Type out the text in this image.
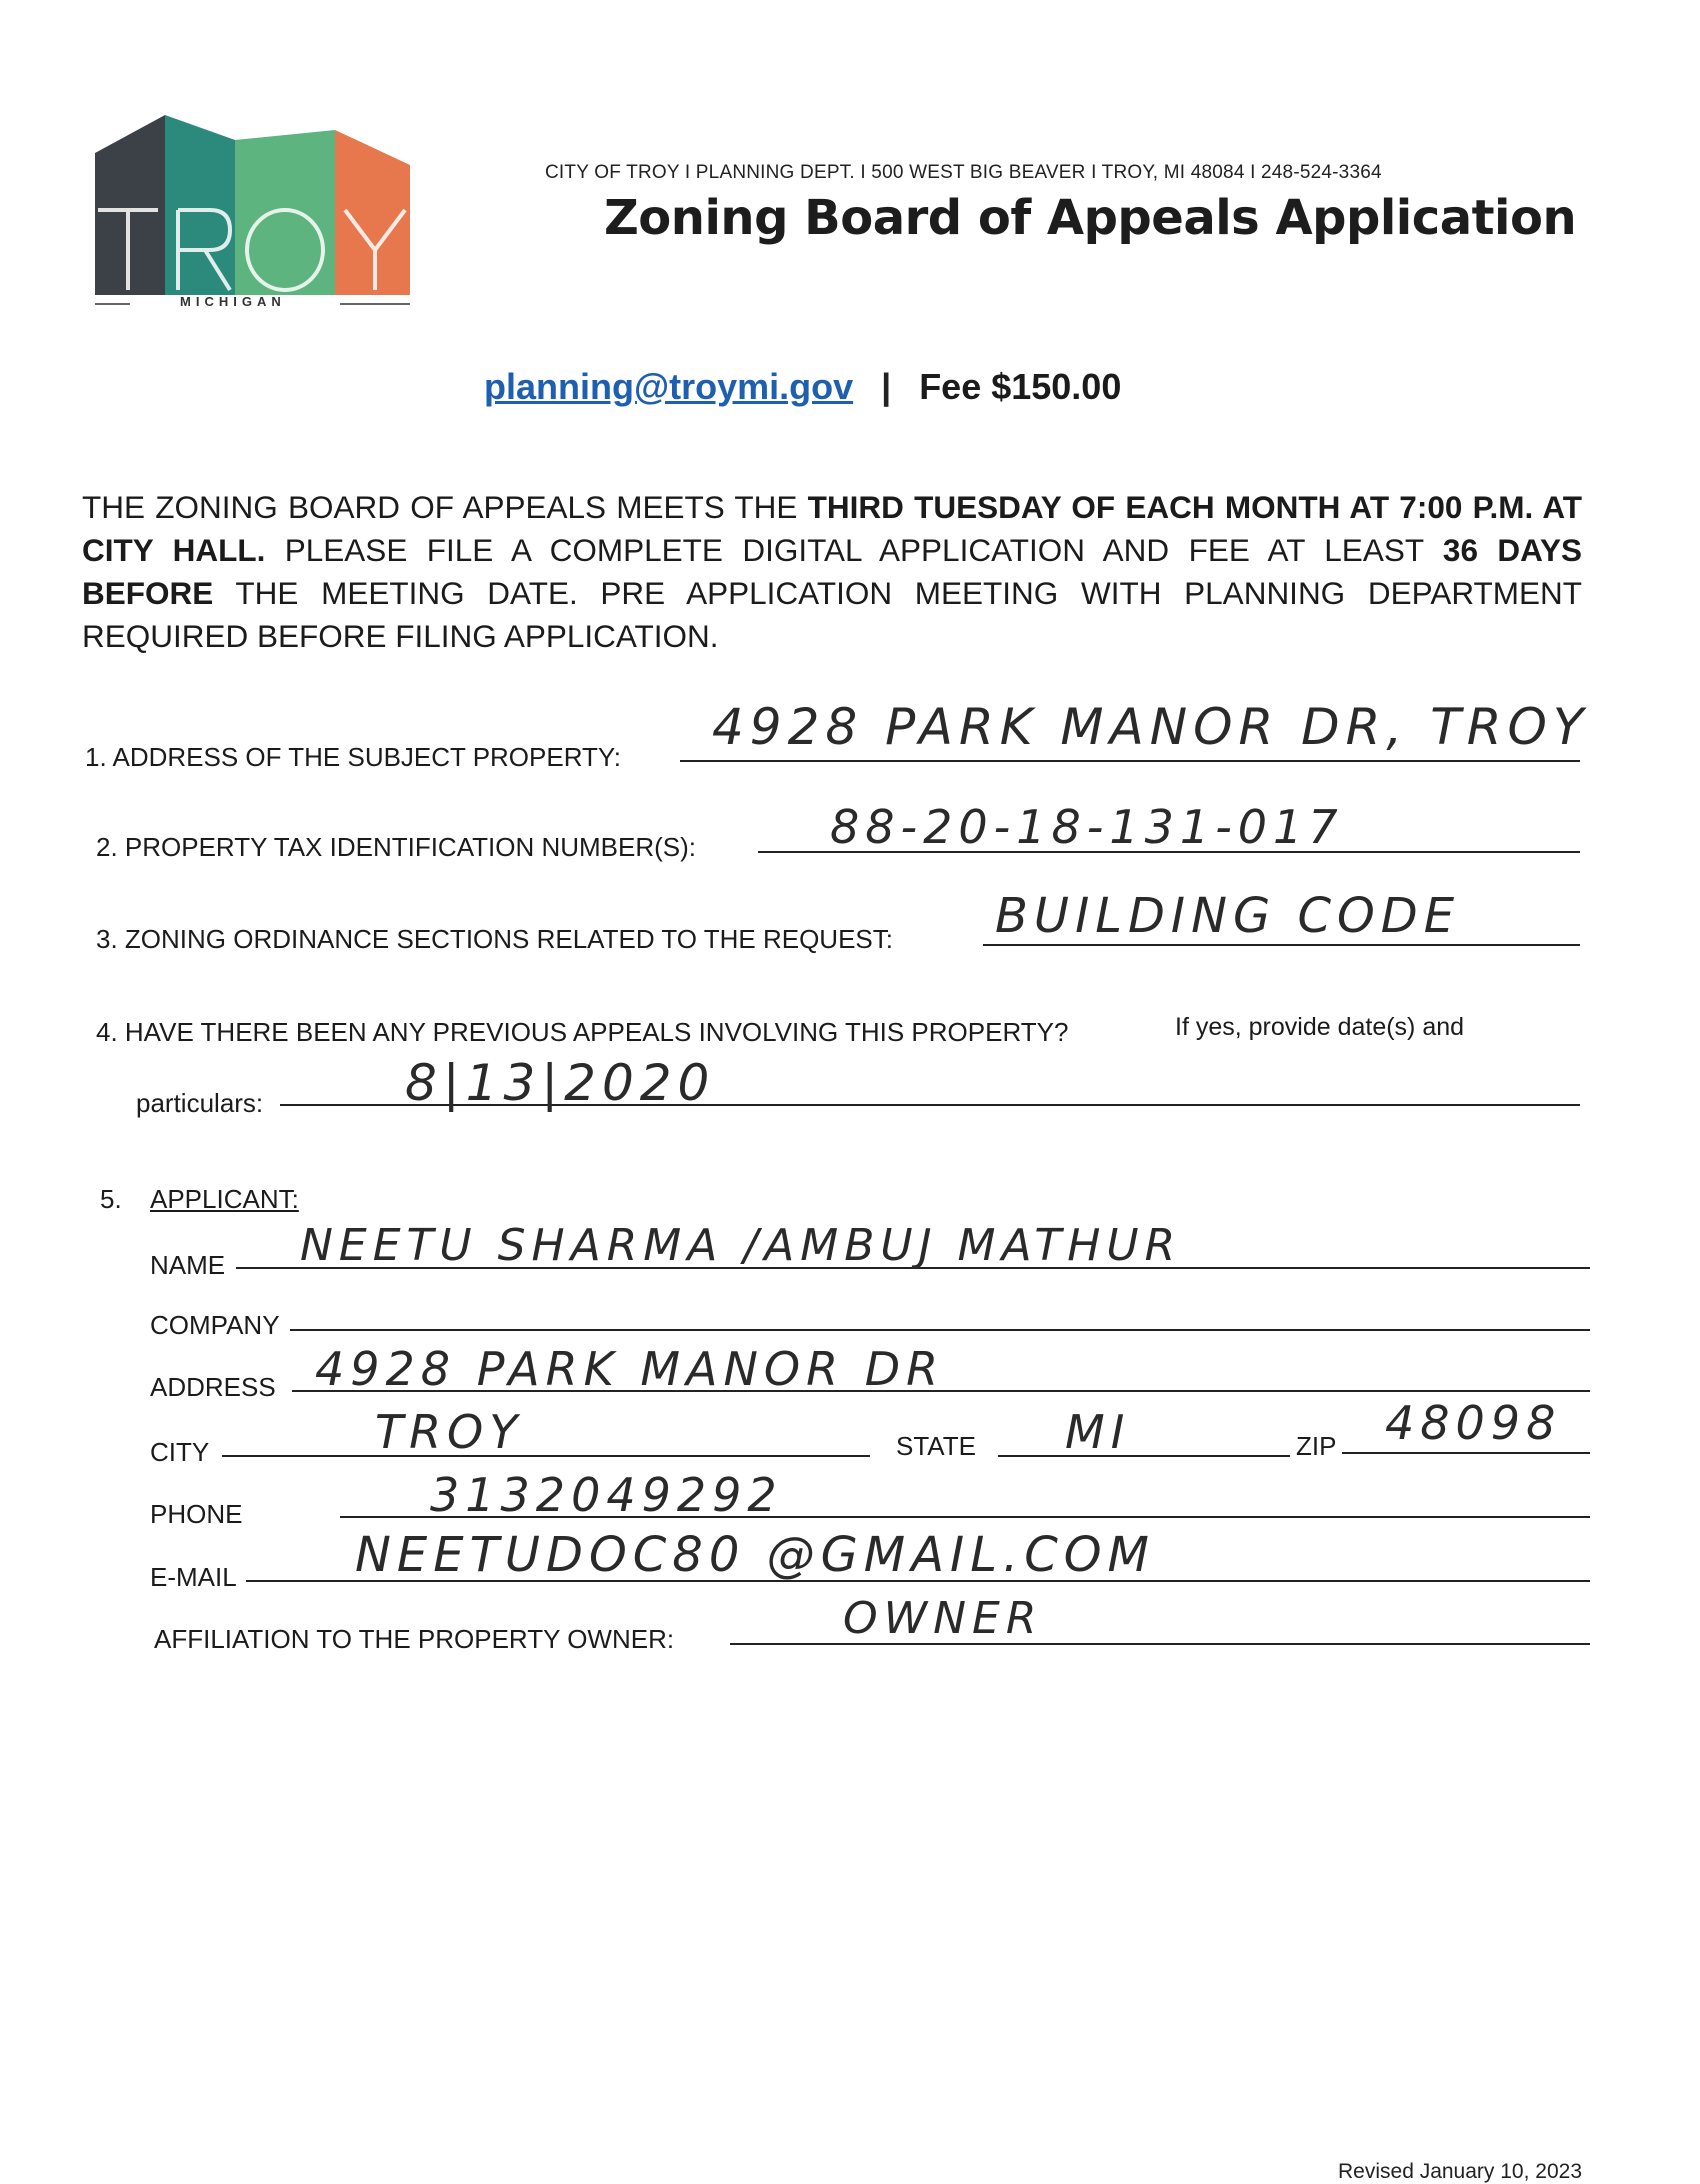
MICHIGAN
CITY OF TROY I PLANNING DEPT. I 500 WEST BIG BEAVER I TROY, MI 48084 I 248-524-3364
Zoning Board of Appeals Application
planning@troymi.gov | Fee $150.00
THE ZONING BOARD OF APPEALS MEETS THE THIRD TUESDAY OF EACH MONTH AT 7:00 P.M. AT CITY HALL. PLEASE FILE A COMPLETE DIGITAL APPLICATION AND FEE AT LEAST 36 DAYS BEFORE THE MEETING DATE. PRE APPLICATION MEETING WITH PLANNING DEPARTMENT REQUIRED BEFORE FILING APPLICATION.
1. ADDRESS OF THE SUBJECT PROPERTY:
4928 PARK MANOR DR, TROY
2. PROPERTY TAX IDENTIFICATION NUMBER(S):	88-20-18-131-017
3. ZONING ORDINANCE SECTIONS RELATED TO THE REQUEST: BUILDING CODE
4. HAVE THERE BEEN ANY PREVIOUS APPEALS INVOLVING THIS PROPERTY?	If yes, provide date(s) and
particulars:	8|13|2020
5. APPLICANT:
NAME NEETU SHARMA /AMBUJ MATHUR
COMPANY
ADDRESS 4928 PARK MANOR DR
CITY	TROY	STATE MI	ZIP 48098
PHONE	3132049292
E-MAIL NEETUDOC80 @GMAIL.COM
AFFILIATION TO THE PROPERTY OWNER:	OWNER
Revised January 10, 2023
